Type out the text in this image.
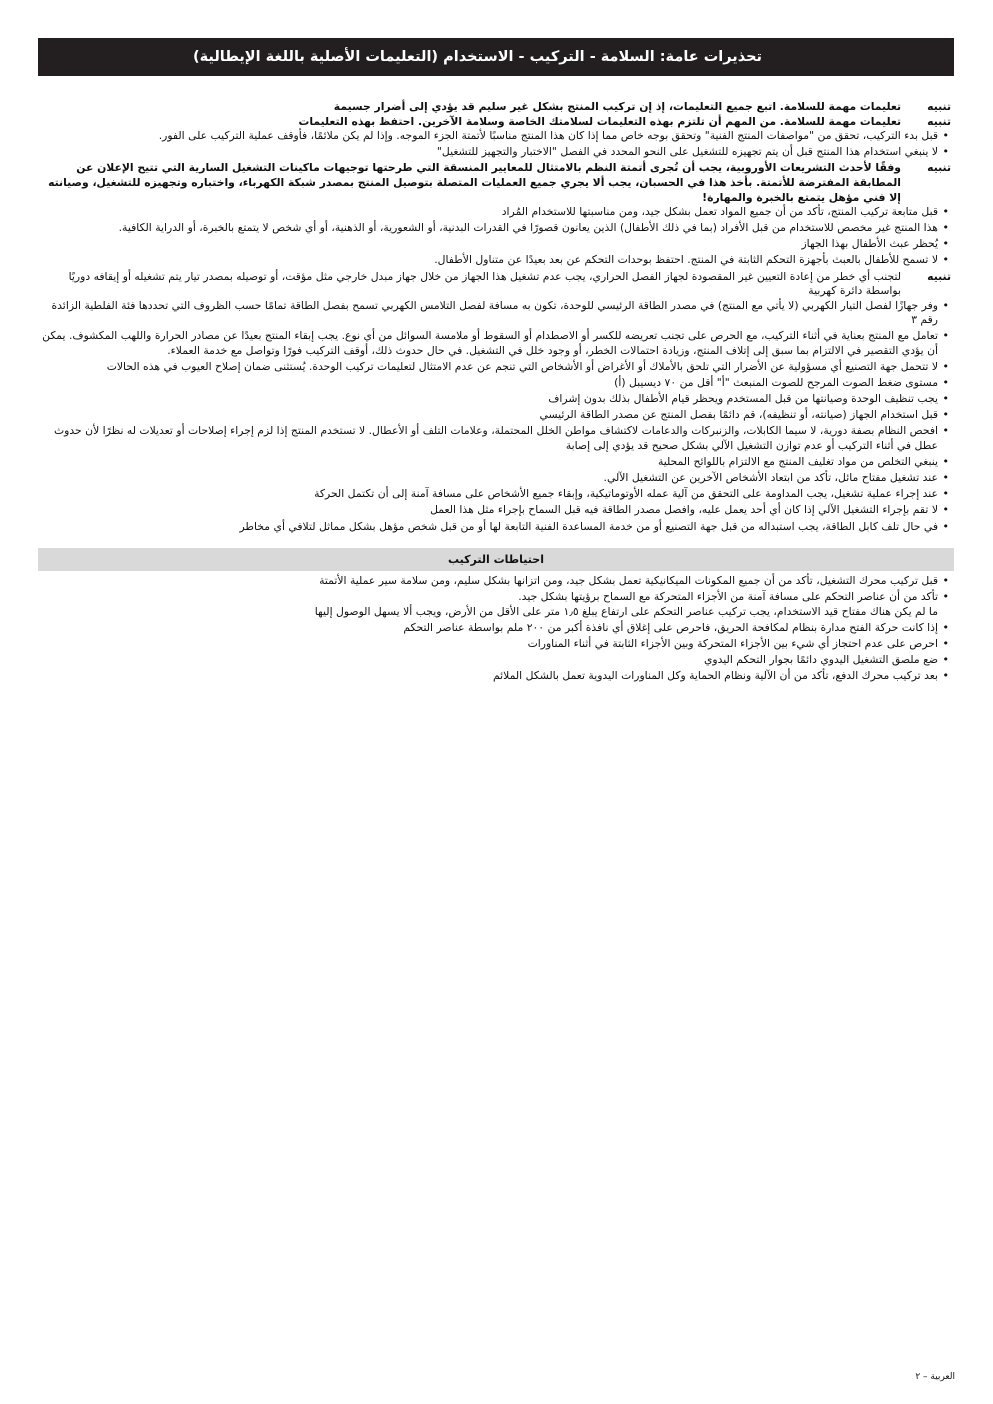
تحذيرات عامة: السلامة - التركيب - الاستخدام (التعليمات الأصلية باللغة الإيطالية)
تنبيه
تعليمات مهمة للسلامة. اتبع جميع التعليمات، إذ إن تركيب المنتج بشكل غير سليم قد يؤدي إلى أضرار جسيمة
تنبيه
تعليمات مهمة للسلامة. من المهم أن تلتزم بهذه التعليمات لسلامتك الخاصة وسلامة الآخرين. احتفظ بهذه التعليمات
• قبل بدء التركيب، تحقق من "مواصفات المنتج الفنية" وتحقق بوجه خاص مما إذا كان هذا المنتج مناسبًا لأتمتة الجزء الموجه. وإذا لم يكن ملائمًا، فأوقف عملية التركيب على الفور.
• لا ينبغي استخدام هذا المنتج قبل أن يتم تجهيزه للتشغيل على النحو المحدد في الفصل "الاختبار والتجهيز للتشغيل"
تنبيه
وفقًا لأحدث التشريعات الأوروبية، يجب أن تُجرى أتمتة النظم بالامتثال للمعايير المنسقة التي طرحتها توجيهات ماكينات التشغيل السارية التي تتيح الإعلان عن المطابقة المفترضة للأتمتة. بأخذ هذا في الحسبان، يجب ألا يجري جميع العمليات المتصلة بتوصيل المنتج بمصدر شبكة الكهرباء، واختباره وتجهيزه للتشغيل، وصيانته إلا فني مؤهل يتمتع بالخبرة والمهارة!
• قبل متابعة تركيب المنتج، تأكد من أن جميع المواد تعمل بشكل جيد، ومن مناسبتها للاستخدام المُراد
• هذا المنتج غير مخصص للاستخدام من قبل الأفراد (بما في ذلك الأطفال) الذين يعانون قصورًا في القدرات البدنية، أو الشعورية، أو الذهنية، أو أي شخص لا يتمتع بالخبرة، أو الدراية الكافية.
• يُحظر عبث الأطفال بهذا الجهاز
• لا تسمح للأطفال بالعبث بأجهزة التحكم الثابتة في المنتج. احتفظ بوحدات التحكم عن بعد بعيدًا عن متناول الأطفال.
تنبيه
لتجنب أي خطر من إعادة التعيين غير المقصودة لجهاز الفصل الحراري، يجب عدم تشغيل هذا الجهاز من خلال جهاز مبدل خارجي مثل مؤقت، أو توصيله بمصدر تيار يتم تشغيله أو إيقافه دوريًا بواسطة دائرة كهربية
• وفر جهازًا لفصل التيار الكهربي (لا يأتي مع المنتج) في مصدر الطاقة الرئيسي للوحدة، تكون به مسافة لفصل التلامس الكهربي تسمح بفصل الطاقة تمامًا حسب الظروف التي تحددها فئة الفلطية الزائدة رقم ٣
• تعامل مع المنتج بعناية في أثناء التركيب، مع الحرص على تجنب تعريضه للكسر أو الاصطدام أو السقوط أو ملامسة السوائل من أي نوع. يجب إبقاء المنتج بعيدًا عن مصادر الحرارة واللهب المكشوف. يمكن أن يؤدي التقصير في الالتزام بما سبق إلى إتلاف المنتج، وزيادة احتمالات الخطر، أو وجود خلل في التشغيل. في حال حدوث ذلك، أوقف التركيب فورًا وتواصل مع خدمة العملاء.
• لا تتحمل جهة التصنيع أي مسؤولية عن الأضرار التي تلحق بالأملاك أو الأغراض أو الأشخاص التي تنجم عن عدم الامتثال لتعليمات تركيب الوحدة. يُستثنى ضمان إصلاح العيوب في هذه الحالات
• مستوى ضغط الصوت المرجح للصوت المنبعث "أ" أقل من ٧٠ ديسيبل (أ)
• يجب تنظيف الوحدة وصيانتها من قبل المستخدم ويحظر قيام الأطفال بذلك بدون إشراف
• قبل استخدام الجهاز (صيانته، أو تنظيفه)، قم دائمًا بفصل المنتج عن مصدر الطاقة الرئيسي
• افحص النظام بصفة دورية، لا سيما الكابلات، والزنبركات والدعامات لاكتشاف مواطن الخلل المحتملة، وعلامات التلف أو الأعطال. لا تستخدم المنتج إذا لزم إجراء إصلاحات أو تعديلات له نظرًا لأن حدوث عطل في أثناء التركيب أو عدم توازن التشغيل الآلي بشكل صحيح قد يؤدي إلى إصابة
• ينبغي التخلص من مواد تغليف المنتج مع الالتزام باللوائح المحلية
• عند تشغيل مفتاح مائل، تأكد من ابتعاد الأشخاص الآخرين عن التشغيل الآلي.
• عند إجراء عملية تشغيل، يجب المداومة على التحقق من آلية عمله الأوتوماتيكية، وإبقاء جميع الأشخاص على مسافة آمنة إلى أن تكتمل الحركة
• لا تقم بإجراء التشغيل الآلي إذا كان أي أحد يعمل عليه، وافصل مصدر الطاقة فيه قبل السماح بإجراء مثل هذا العمل
• في حال تلف كابل الطاقة، يجب استبداله من قبل جهة التصنيع أو من خدمة المساعدة الفنية التابعة لها أو من قبل شخص مؤهل بشكل مماثل لتلافي أي مخاطر
احتياطات التركيب
• قبل تركيب محرك التشغيل، تأكد من أن جميع المكونات الميكانيكية تعمل بشكل جيد، ومن اتزانها بشكل سليم، ومن سلامة سير عملية الأتمتة
• تأكد من أن عناصر التحكم على مسافة آمنة من الأجزاء المتحركة مع السماح برؤيتها بشكل جيد.
ما لم يكن هناك مفتاح قيد الاستخدام، يجب تركيب عناصر التحكم على ارتفاع يبلغ ١٫٥ متر على الأقل من الأرض، ويجب ألا يسهل الوصول إليها
• إذا كانت حركة الفتح مدارة بنظام لمكافحة الحريق، فاحرص على إغلاق أي نافذة أكبر من ٢٠٠ ملم بواسطة عناصر التحكم
• احرص على عدم احتجاز أي شيء بين الأجزاء المتحركة وبين الأجزاء الثابتة في أثناء المناورات
• ضع ملصق التشغيل اليدوي دائمًا بجوار التحكم اليدوي
• بعد تركيب محرك الدفع، تأكد من أن الآلية ونظام الحماية وكل المناورات اليدوية تعمل بالشكل الملائم
العربية – ٢
